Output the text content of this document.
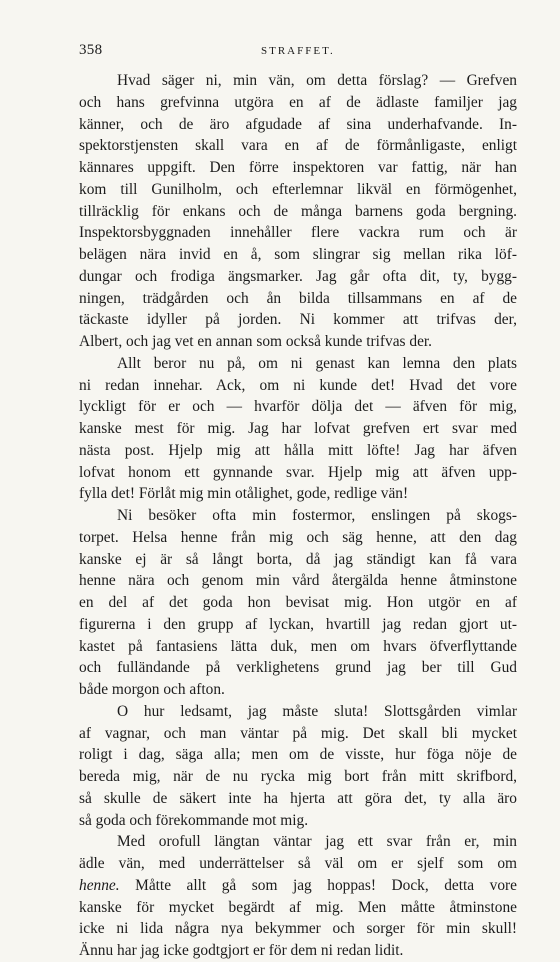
358	STRAFFET.
Hvad säger ni, min vän, om detta förslag? — Grefven
och hans grefvinna utgöra en af de ädlaste familjer jag
känner, och de äro afgudade af sina underhafvande. In-
spektorstjensten skall vara en af de förmånligaste, enligt
kännares uppgift. Den förre inspektoren var fattig, när han
kom till Gunilholm, och efterlemnar likväl en förmögenhet,
tillräcklig för enkans och de många barnens goda bergning.
Inspektorsbyggnaden innehåller flere vackra rum och är
belägen nära invid en å, som slingrar sig mellan rika löf-
dungar och frodiga ängsmarker. Jag går ofta dit, ty, bygg-
ningen, trädgården och ån bilda tillsammans en af de
täckaste idyller på jorden. Ni kommer att trifvas der,
Albert, och jag vet en annan som också kunde trifvas der.
Allt beror nu på, om ni genast kan lemna den plats
ni redan innehar. Ack, om ni kunde det! Hvad det vore
lyckligt för er och — hvarför dölja det — äfven för mig,
kanske mest för mig. Jag har lofvat grefven ert svar med
nästa post. Hjelp mig att hålla mitt löfte! Jag har äfven
lofvat honom ett gynnande svar. Hjelp mig att äfven upp-
fylla det! Förlåt mig min otålighet, gode, redlige vän!
Ni besöker ofta min fostermor, enslingen på skogs-
torpet. Helsa henne från mig och säg henne, att den dag
kanske ej är så långt borta, då jag ständigt kan få vara
henne nära och genom min vård återgälda henne åtminstone
en del af det goda hon bevisat mig. Hon utgör en af
figurerna i den grupp af lyckan, hvartill jag redan gjort ut-
kastet på fantasiens lätta duk, men om hvars öfverflyttande
och fulländande på verklighetens grund jag ber till Gud
både morgon och afton.
O hur ledsamt, jag måste sluta! Slottsgården vimlar
af vagnar, och man väntar på mig. Det skall bli mycket
roligt i dag, säga alla; men om de visste, hur föga nöje de
bereda mig, när de nu rycka mig bort från mitt skrifbord,
så skulle de säkert inte ha hjerta att göra det, ty alla äro
så goda och förekommande mot mig.
Med orofull längtan väntar jag ett svar från er, min
ädle vän, med underrättelser så väl om er sjelf som om
henne. Måtte allt gå som jag hoppas! Dock, detta vore
kanske för mycket begärdt af mig. Men måtte åtminstone
icke ni lida några nya bekymmer och sorger för min skull!
Ännu har jag icke godtgjort er för dem ni redan lidit.
